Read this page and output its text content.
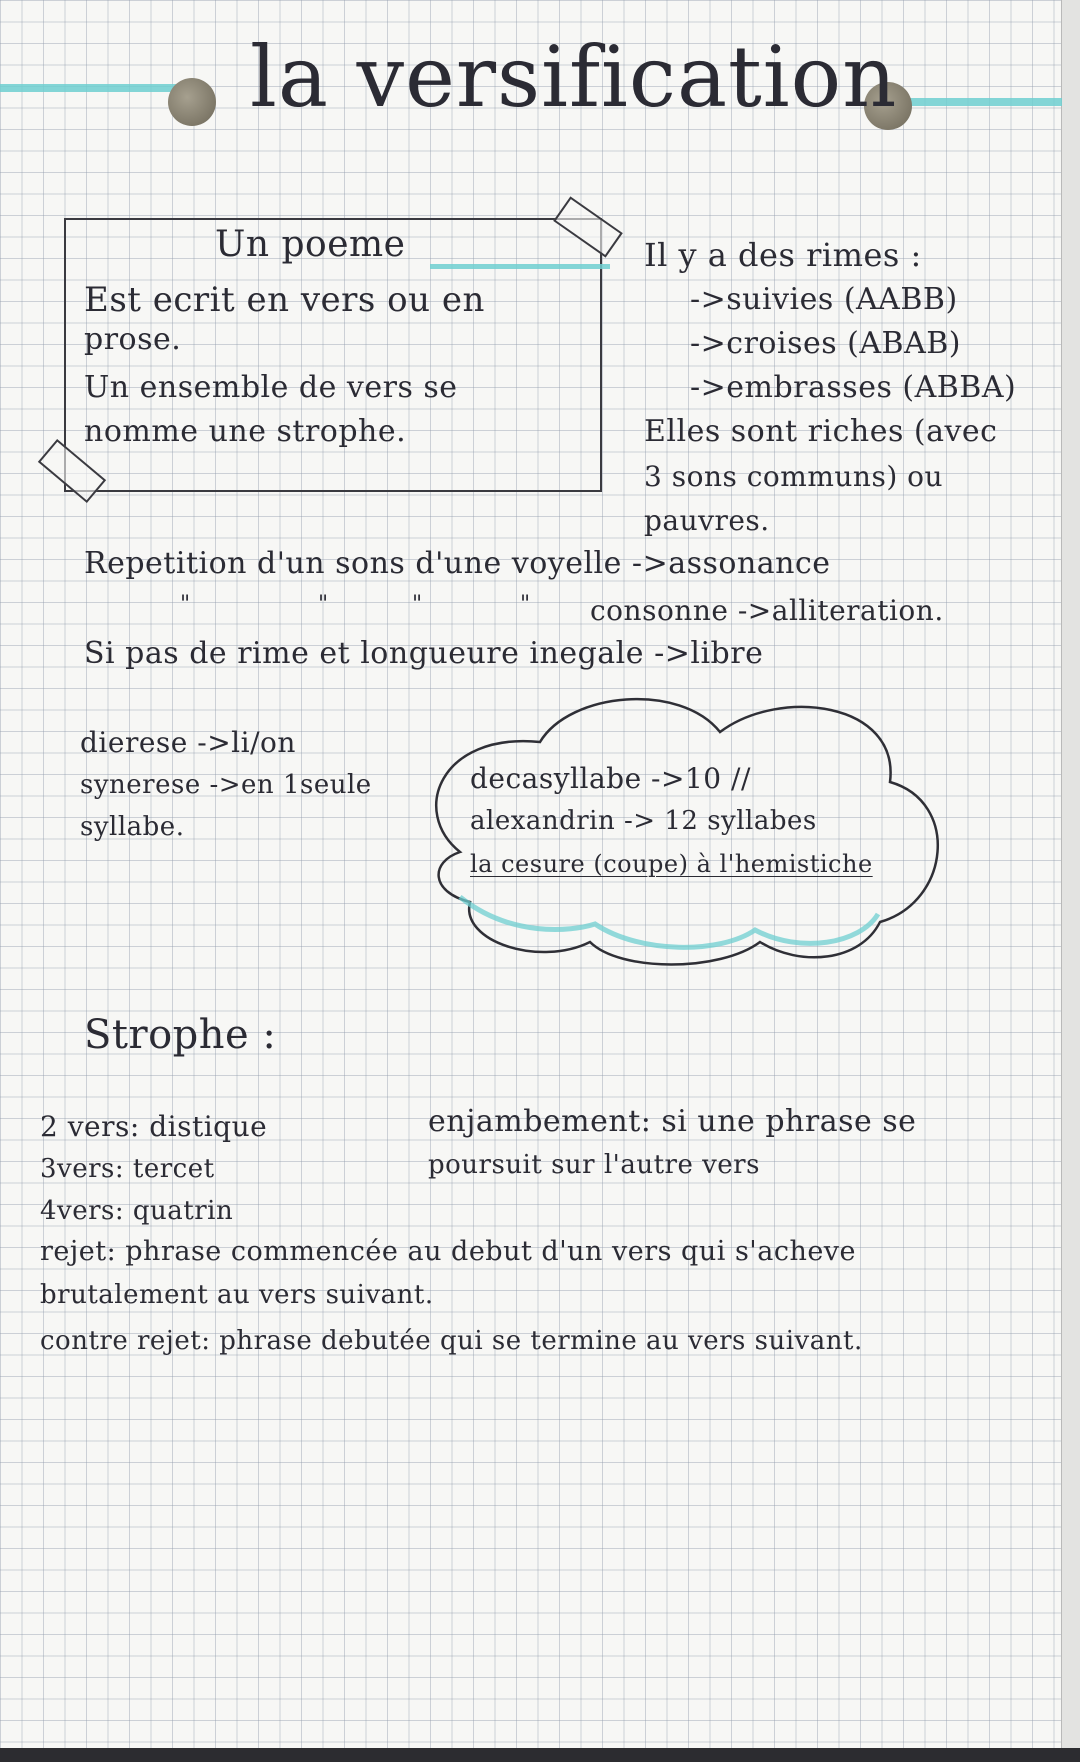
la versification
Un poeme
Est ecrit en vers ou en
prose.
Un ensemble de vers se
nomme une strophe.
Il y a des rimes :
->suivies (AABB)
->croises (ABAB)
->embrasses (ABBA)
Elles sont riches (avec
3 sons communs) ou
pauvres.
Repetition d'un sons d'une voyelle ->assonance
"	"	"	" consonne ->alliteration.
Si pas de rime et longueure inegale ->libre
dierese ->li/on
synerese ->en 1seule
syllabe.
decasyllabe ->10 //
alexandrin -> 12 syllabes
la cesure (coupe) à l'hemistiche
Strophe :
2 vers: distique
3vers: tercet
4vers: quatrin
enjambement: si une phrase se
poursuit sur l'autre vers
rejet: phrase commencée au debut d'un vers qui s'acheve
brutalement au vers suivant.
contre rejet: phrase debutée qui se termine au vers suivant.
